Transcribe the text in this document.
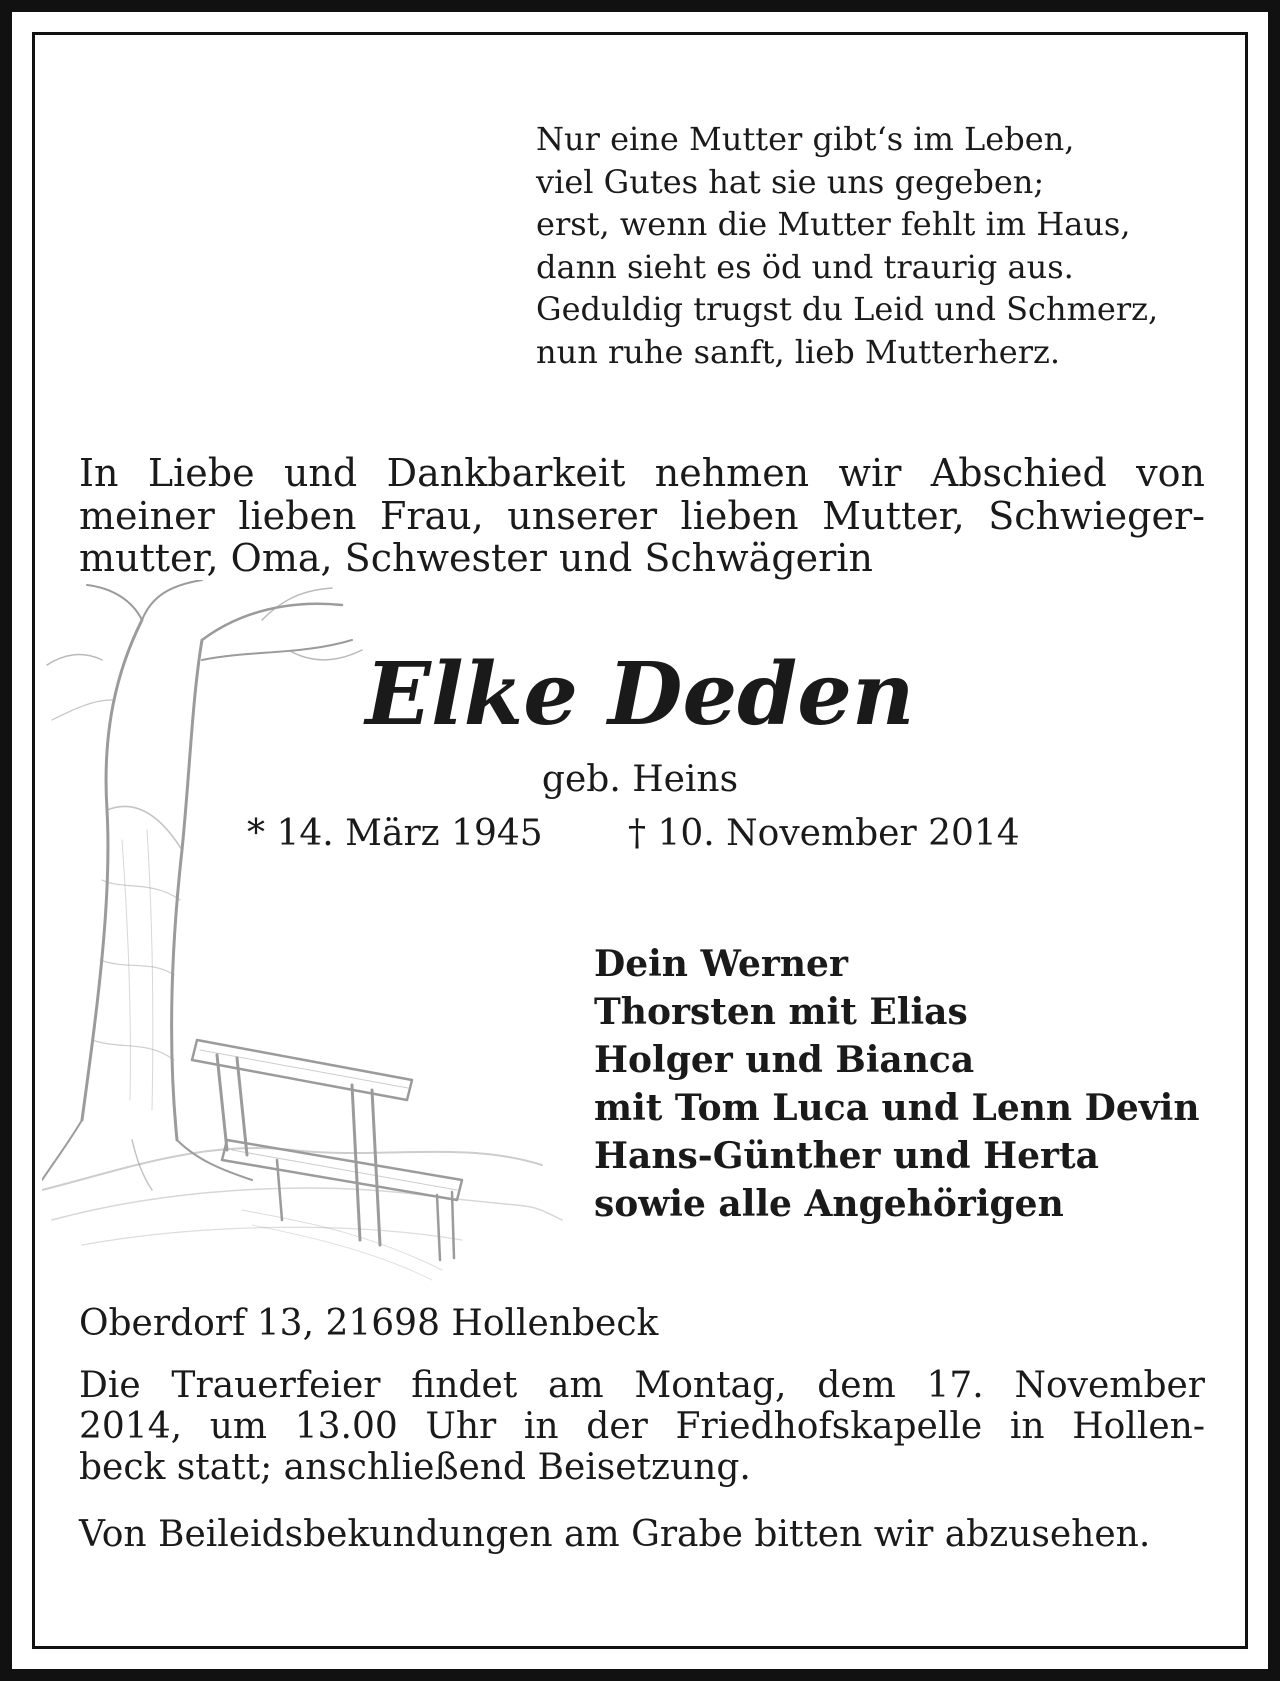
Nur eine Mutter gibt‘s im Leben,
viel Gutes hat sie uns gegeben;
erst, wenn die Mutter fehlt im Haus,
dann sieht es öd und traurig aus.
Geduldig trugst du Leid und Schmerz,
nun ruhe sanft, lieb Mutterherz.
In Liebe und Dankbarkeit nehmen wir Abschied von
meiner lieben Frau, unserer lieben Mutter, Schwieger-
mutter, Oma, Schwester und Schwägerin
Elke Deden
geb. Heins
* 14. März 1945 † 10. November 2014
Dein Werner
Thorsten mit Elias
Holger und Bianca
mit Tom Luca und Lenn Devin
Hans-Günther und Herta
sowie alle Angehörigen
Oberdorf 13, 21698 Hollenbeck
Die Trauerfeier findet am Montag, dem 17. November
2014, um 13.00 Uhr in der Friedhofskapelle in Hollen-
beck statt; anschließend Beisetzung.
Von Beileidsbekundungen am Grabe bitten wir abzusehen.
